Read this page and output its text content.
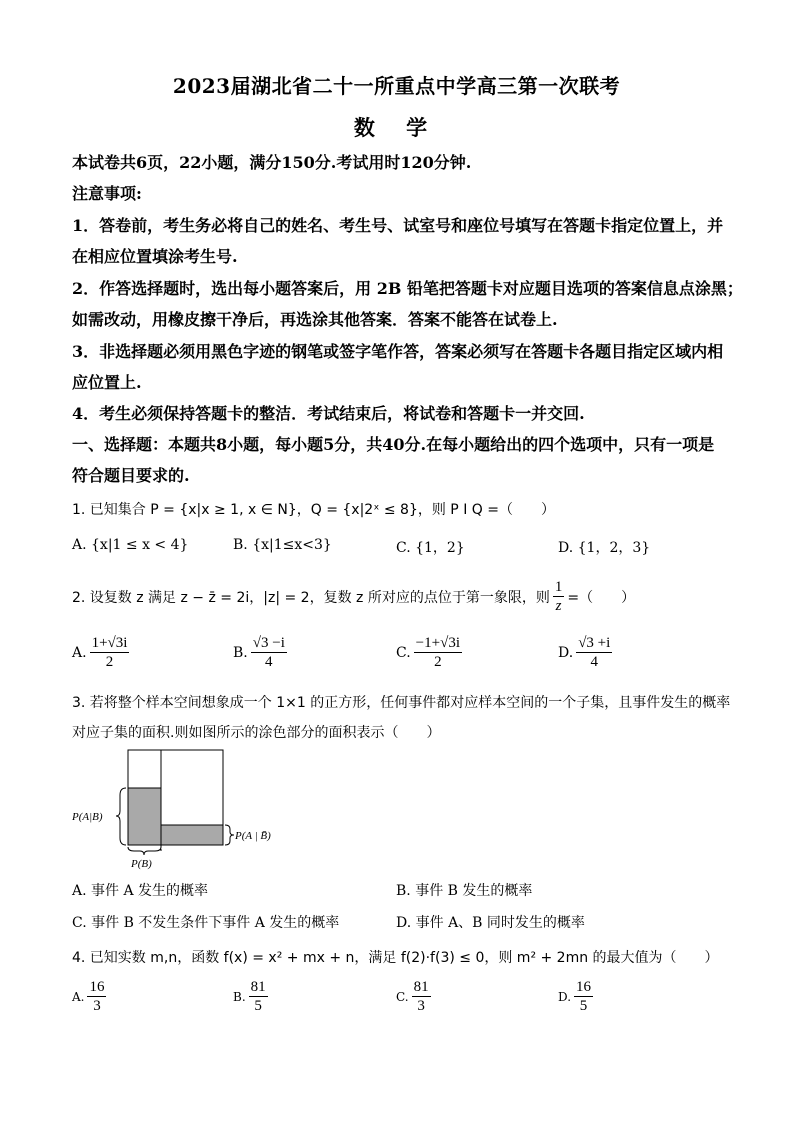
2023届湖北省二十一所重点中学高三第一次联考
数 学
本试卷共6页，22小题，满分150分.考试用时120分钟.
注意事项:
1．答卷前，考生务必将自己的姓名、考生号、试室号和座位号填写在答题卡指定位置上，并
在相应位置填涂考生号.
2．作答选择题时，选出每小题答案后，用 2B 铅笔把答题卡对应题目选项的答案信息点涂黑；
如需改动，用橡皮擦干净后，再选涂其他答案．答案不能答在试卷上.
3．非选择题必须用黑色字迹的钢笔或签字笔作答，答案必须写在答题卡各题目指定区域内相
应位置上.
4．考生必须保持答题卡的整洁．考试结束后，将试卷和答题卡一并交回.
一、选择题：本题共8小题，每小题5分，共40分.在每小题给出的四个选项中，只有一项是
符合题目要求的.
1. 已知集合 P = {x|x ≥ 1, x ∈ N}，Q = {x|2ˣ ≤ 8}，则 P I Q =（　　）
A. {x|1 ≤ x < 4}	B. {x|1≤x<3}	C. {1，2}	D. {1，2，3}
2. 设复数 z 满足 z − z̄ = 2i，|z| = 2，复数 z 所对应的点位于第一象限，则 $\frac{1}{z}$ =（　　）
A. $\frac{1+√3i}{2}$	B. $\frac{√3 -i}{4}$	C. $\frac{-1+√3i}{2}$	D. $\frac{√3 +i}{4}$
3. 若将整个样本空间想象成一个 1×1 的正方形，任何事件都对应样本空间的一个子集，且事件发生的概率
对应子集的面积.则如图所示的涂色部分的面积表示（　　）
P(A|B)
P(A | B̄)
P(B)
A. 事件 A 发生的概率	B. 事件 B 发生的概率
C. 事件 B 不发生条件下事件 A 发生的概率	D. 事件 A、B 同时发生的概率
4. 已知实数 m,n，函数 f(x) = x² + mx + n，满足 f(2)·f(3) ≤ 0，则 m² + 2mn 的最大值为（　　）
A. $\frac{16}{3}$	B. $\frac{81}{5}$	C. $\frac{81}{3}$	D. $\frac{16}{5}$
